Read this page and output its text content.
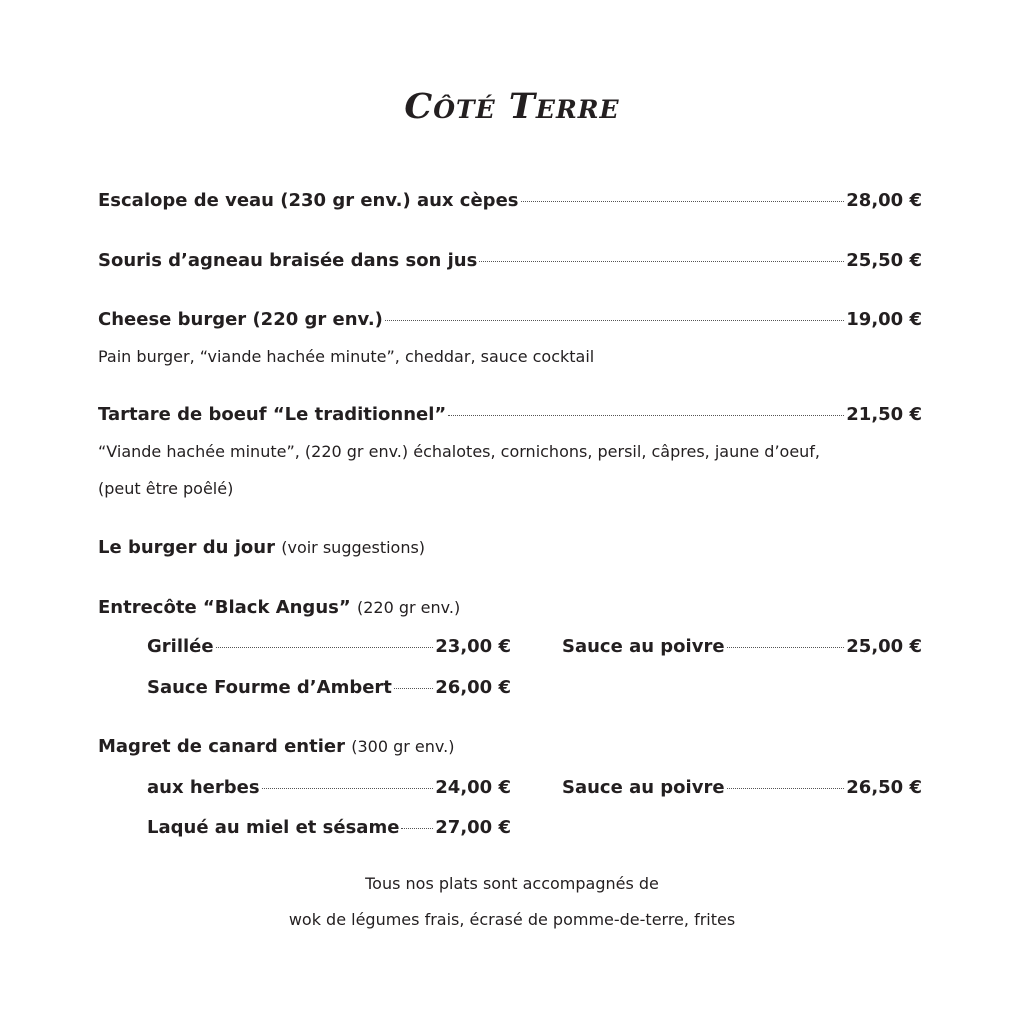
Côté Terre
Escalope de veau (230 gr env.) aux cèpes	28,00 €
Souris d’agneau braisée dans son jus	25,50 €
Cheese burger (220 gr env.)	19,00 €
Pain burger, “viande hachée minute”, cheddar, sauce cocktail
Tartare de boeuf “Le traditionnel”	21,50 €
“Viande hachée minute”, (220 gr env.) échalotes, cornichons, persil, câpres, jaune d’oeuf,
(peut être poêlé)
Le burger du jour (voir suggestions)
Entrecôte “Black Angus” (220 gr env.)
Grillée	23,00 €	Sauce au poivre	25,00 €
Sauce Fourme d’Ambert 26,00 €
Magret de canard entier (300 gr env.)
aux herbes	24,00 €	Sauce au poivre	26,50 €
Laqué au miel et sésame 27,00 €
Tous nos plats sont accompagnés de
wok de légumes frais, écrasé de pomme-de-terre, frites
